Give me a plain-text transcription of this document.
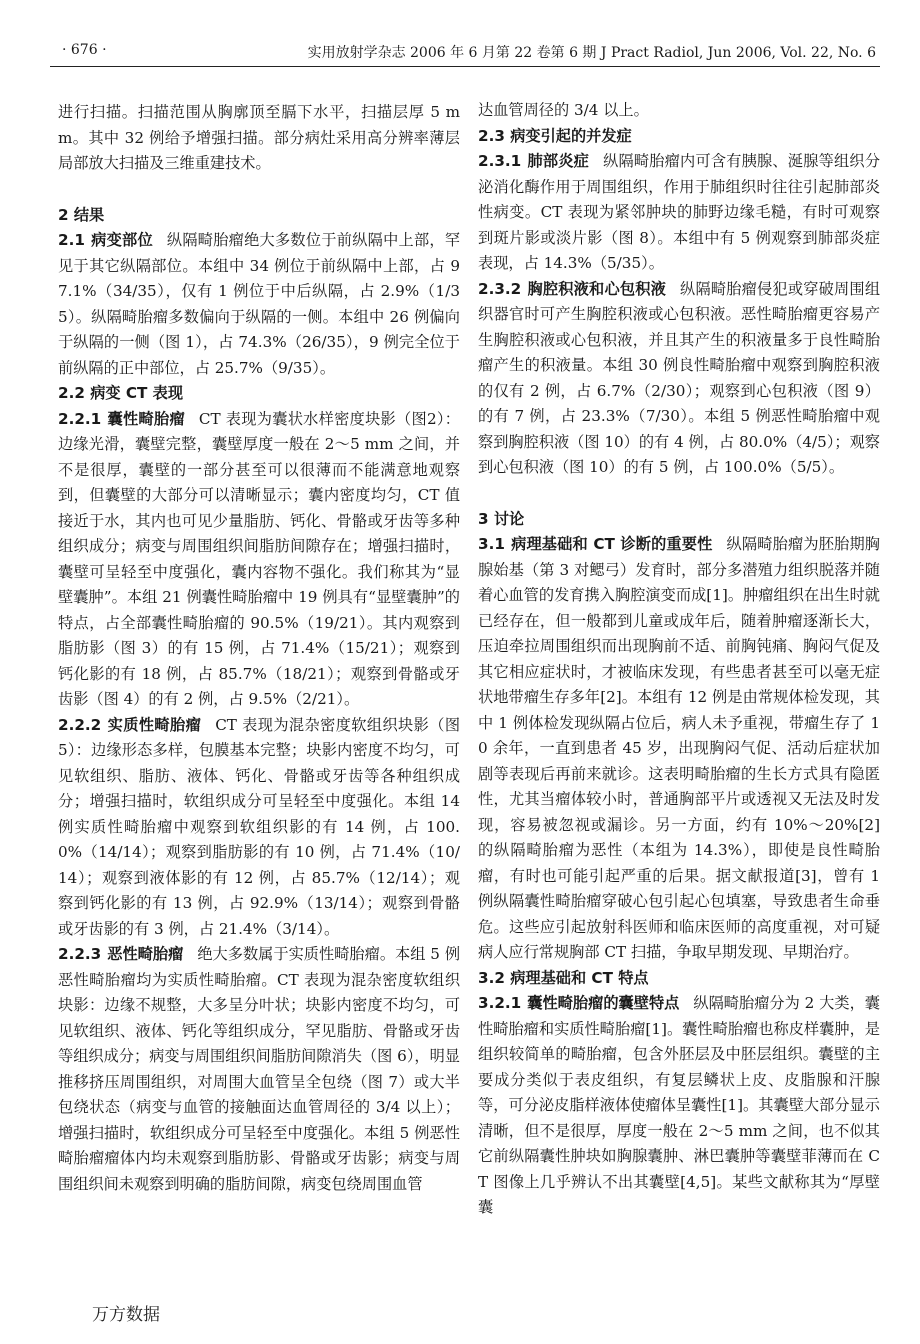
· 676 ·	实用放射学杂志 2006 年 6 月第 22 卷第 6 期 J Pract Radiol, Jun 2006, Vol. 22, No. 6

进行扫描。扫描范围从胸廓顶至膈下水平，扫描层厚 5 mm。其中 32 例给予增强扫描。部分病灶采用高分辨率薄层局部放大扫描及三维重建技术。

2 结果

2.1 病变部位 纵隔畸胎瘤绝大多数位于前纵隔中上部，罕见于其它纵隔部位。本组中 34 例位于前纵隔中上部，占 97.1%（34/35），仅有 1 例位于中后纵隔，占 2.9%（1/35）。纵隔畸胎瘤多数偏向于纵隔的一侧。本组中 26 例偏向于纵隔的一侧（图 1），占 74.3%（26/35），9 例完全位于前纵隔的正中部位，占 25.7%（9/35）。

2.2 病变 CT 表现

2.2.1 囊性畸胎瘤 CT 表现为囊状水样密度块影（图2）：边缘光滑，囊壁完整，囊壁厚度一般在 2～5 mm 之间，并不是很厚，囊壁的一部分甚至可以很薄而不能满意地观察到，但囊壁的大部分可以清晰显示；囊内密度均匀，CT 值接近于水，其内也可见少量脂肪、钙化、骨骼或牙齿等多种组织成分；病变与周围组织间脂肪间隙存在；增强扫描时，囊壁可呈轻至中度强化，囊内容物不强化。我们称其为“显壁囊肿”。本组 21 例囊性畸胎瘤中 19 例具有“显壁囊肿”的特点，占全部囊性畸胎瘤的 90.5%（19/21）。其内观察到脂肪影（图 3）的有 15 例，占 71.4%（15/21）；观察到钙化影的有 18 例，占 85.7%（18/21）；观察到骨骼或牙齿影（图 4）的有 2 例，占 9.5%（2/21）。

2.2.2 实质性畸胎瘤 CT 表现为混杂密度软组织块影（图 5）：边缘形态多样，包膜基本完整；块影内密度不均匀，可见软组织、脂肪、液体、钙化、骨骼或牙齿等各种组织成分；增强扫描时，软组织成分可呈轻至中度强化。本组 14 例实质性畸胎瘤中观察到软组织影的有 14 例，占 100.0%（14/14）；观察到脂肪影的有 10 例，占 71.4%（10/14）；观察到液体影的有 12 例，占 85.7%（12/14）；观察到钙化影的有 13 例，占 92.9%（13/14）；观察到骨骼或牙齿影的有 3 例，占 21.4%（3/14）。

2.2.3 恶性畸胎瘤 绝大多数属于实质性畸胎瘤。本组 5 例恶性畸胎瘤均为实质性畸胎瘤。CT 表现为混杂密度软组织块影：边缘不规整，大多呈分叶状；块影内密度不均匀，可见软组织、液体、钙化等组织成分，罕见脂肪、骨骼或牙齿等组织成分；病变与周围组织间脂肪间隙消失（图 6），明显推移挤压周围组织，对周围大血管呈全包绕（图 7）或大半包绕状态（病变与血管的接触面达血管周径的 3/4 以上）；增强扫描时，软组织成分可呈轻至中度强化。本组 5 例恶性畸胎瘤瘤体内均未观察到脂肪影、骨骼或牙齿影；病变与周围组织间未观察到明确的脂肪间隙，病变包绕周围血管

达血管周径的 3/4 以上。

2.3 病变引起的并发症

2.3.1 肺部炎症 纵隔畸胎瘤内可含有胰腺、涎腺等组织分泌消化酶作用于周围组织，作用于肺组织时往往引起肺部炎性病变。CT 表现为紧邻肿块的肺野边缘毛糙，有时可观察到斑片影或淡片影（图 8）。本组中有 5 例观察到肺部炎症表现，占 14.3%（5/35）。

2.3.2 胸腔积液和心包积液 纵隔畸胎瘤侵犯或穿破周围组织器官时可产生胸腔积液或心包积液。恶性畸胎瘤更容易产生胸腔积液或心包积液，并且其产生的积液量多于良性畸胎瘤产生的积液量。本组 30 例良性畸胎瘤中观察到胸腔积液的仅有 2 例，占 6.7%（2/30）；观察到心包积液（图 9）的有 7 例，占 23.3%（7/30）。本组 5 例恶性畸胎瘤中观察到胸腔积液（图 10）的有 4 例，占 80.0%（4/5）；观察到心包积液（图 10）的有 5 例，占 100.0%（5/5）。

3 讨论

3.1 病理基础和 CT 诊断的重要性 纵隔畸胎瘤为胚胎期胸腺始基（第 3 对鳃弓）发育时，部分多潜殖力组织脱落并随着心血管的发育携入胸腔演变而成[1]。肿瘤组织在出生时就已经存在，但一般都到儿童或成年后，随着肿瘤逐渐长大，压迫牵拉周围组织而出现胸前不适、前胸钝痛、胸闷气促及其它相应症状时，才被临床发现，有些患者甚至可以毫无症状地带瘤生存多年[2]。本组有 12 例是由常规体检发现，其中 1 例体检发现纵隔占位后，病人未予重视，带瘤生存了 10 余年，一直到患者 45 岁，出现胸闷气促、活动后症状加剧等表现后再前来就诊。这表明畸胎瘤的生长方式具有隐匿性，尤其当瘤体较小时，普通胸部平片或透视又无法及时发现，容易被忽视或漏诊。另一方面，约有 10%～20%[2] 的纵隔畸胎瘤为恶性（本组为 14.3%），即使是良性畸胎瘤，有时也可能引起严重的后果。据文献报道[3]，曾有 1 例纵隔囊性畸胎瘤穿破心包引起心包填塞，导致患者生命垂危。这些应引起放射科医师和临床医师的高度重视，对可疑病人应行常规胸部 CT 扫描，争取早期发现、早期治疗。

3.2 病理基础和 CT 特点

3.2.1 囊性畸胎瘤的囊壁特点 纵隔畸胎瘤分为 2 大类，囊性畸胎瘤和实质性畸胎瘤[1]。囊性畸胎瘤也称皮样囊肿，是组织较简单的畸胎瘤，包含外胚层及中胚层组织。囊壁的主要成分类似于表皮组织，有复层鳞状上皮、皮脂腺和汗腺等，可分泌皮脂样液体使瘤体呈囊性[1]。其囊壁大部分显示清晰，但不是很厚，厚度一般在 2～5 mm 之间，也不似其它前纵隔囊性肿块如胸腺囊肿、淋巴囊肿等囊壁菲薄而在 CT 图像上几乎辨认不出其囊壁[4,5]。某些文献称其为“厚壁囊

万方数据
